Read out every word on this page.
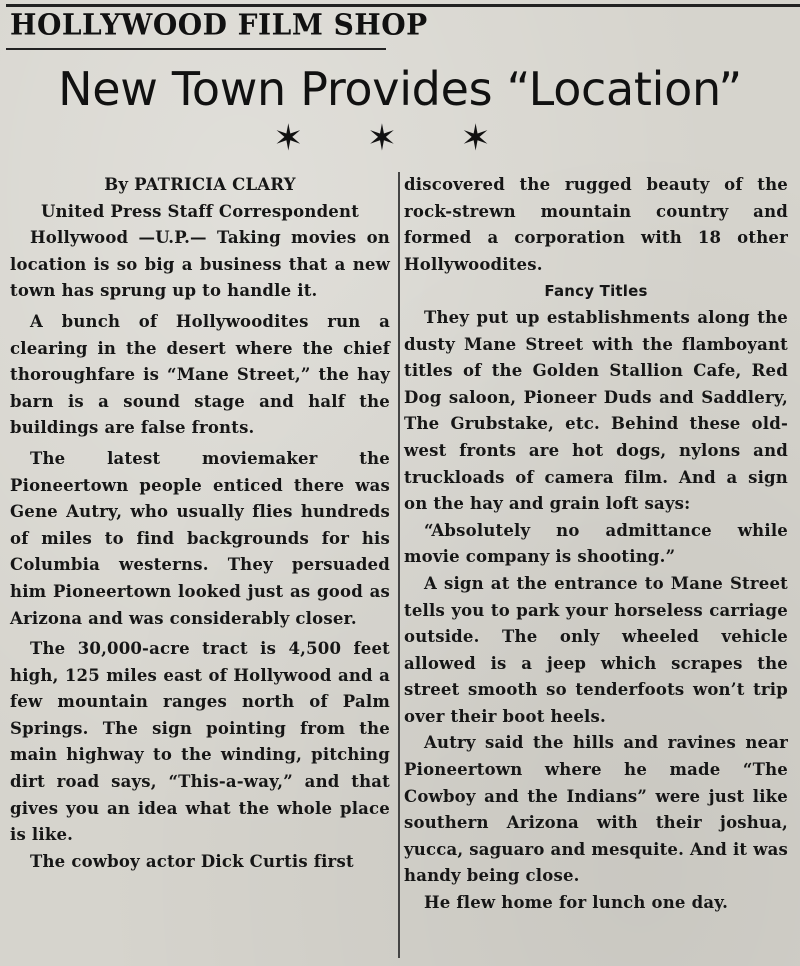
HOLLYWOOD FILM SHOP
New Town Provides “Location”
✶ ✶ ✶

By PATRICIA CLARY

United Press Staff Correspondent

Hollywood —U.P.— Taking movies on location is so big a business that a new town has sprung up to handle it.

A bunch of Hollywoodites run a clearing in the desert where the chief thoroughfare is “Mane Street,” the hay barn is a sound stage and half the buildings are false fronts.

The latest moviemaker the Pioneertown people enticed there was Gene Autry, who usually flies hundreds of miles to find backgrounds for his Columbia westerns. They persuaded him Pioneertown looked just as good as Arizona and was considerably closer.

The 30,000-acre tract is 4,500 feet high, 125 miles east of Hollywood and a few mountain ranges north of Palm Springs. The sign pointing from the main highway to the winding, pitching dirt road says, “This-a-way,” and that gives you an idea what the whole place is like.

The cowboy actor Dick Curtis first

discovered the rugged beauty of the rock-strewn mountain country and formed a corporation with 18 other Hollywoodites.

Fancy Titles

They put up establishments along the dusty Mane Street with the flamboyant titles of the Golden Stallion Cafe, Red Dog saloon, Pioneer Duds and Saddlery, The Grubstake, etc. Behind these old-west fronts are hot dogs, nylons and truckloads of camera film. And a sign on the hay and grain loft says:

“Absolutely no admittance while movie company is shooting.”

A sign at the entrance to Mane Street tells you to park your horseless carriage outside. The only wheeled vehicle allowed is a jeep which scrapes the street smooth so tenderfoots won’t trip over their boot heels.

Autry said the hills and ravines near Pioneertown where he made “The Cowboy and the Indians” were just like southern Arizona with their joshua, yucca, saguaro and mesquite. And it was handy being close.

He flew home for lunch one day.
